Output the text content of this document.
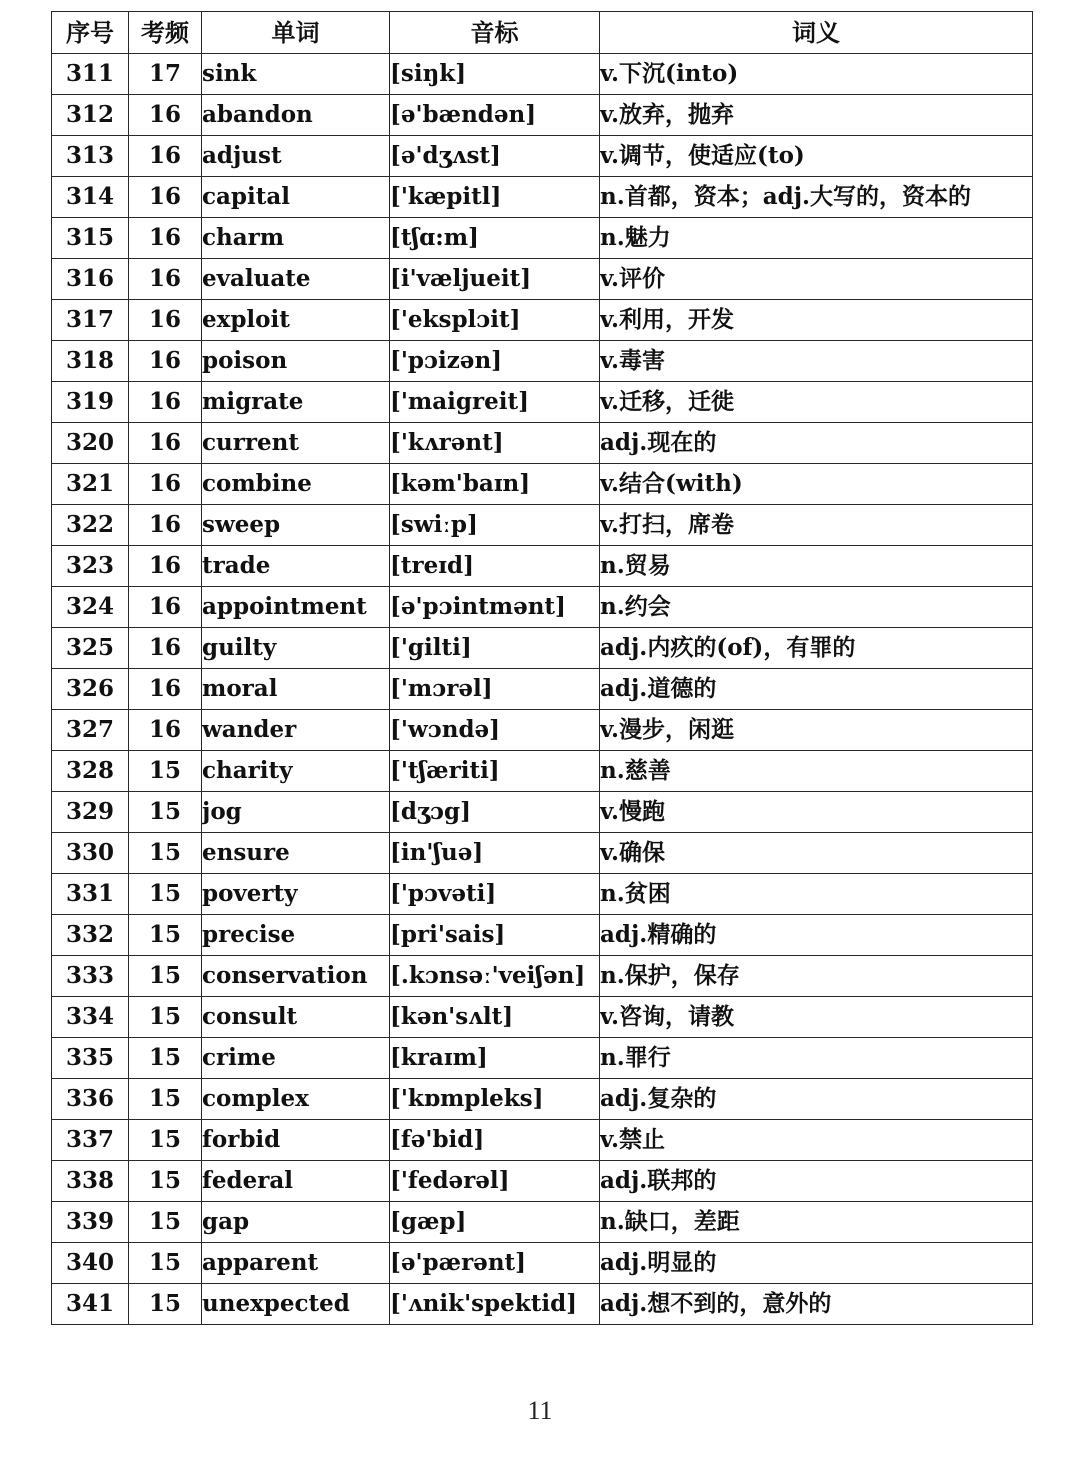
序号	考频	单词	音标	词义
311	17	sink	[siŋk]	v.下沉(into)
312	16	abandon	[ə'bændən]	v.放弃，抛弃
313	16	adjust	[ə'dʒʌst]	v.调节，使适应(to)
314	16	capital	['kæpitl]	n.首都，资本；adj.大写的，资本的
315	16	charm	[tʃɑ:m]	n.魅力
316	16	evaluate	[i'væljueit]	v.评价
317	16	exploit	['eksplɔit]	v.利用，开发
318	16	poison	['pɔizən]	v.毒害
319	16	migrate	['maigreit]	v.迁移，迁徙
320	16	current	['kʌrənt]	adj.现在的
321	16	combine	[kəm'baɪn]	v.结合(with)
322	16	sweep	[swiːp]	v.打扫，席卷
323	16	trade	[treɪd]	n.贸易
324	16	appointment	[ə'pɔintmənt]	n.约会
325	16	guilty	['gilti]	adj.内疚的(of)，有罪的
326	16	moral	['mɔrəl]	adj.道德的
327	16	wander	['wɔndə]	v.漫步，闲逛
328	15	charity	['tʃæriti]	n.慈善
329	15	jog	[dʒɔg]	v.慢跑
330	15	ensure	[in'ʃuə]	v.确保
331	15	poverty	['pɔvəti]	n.贫困
332	15	precise	[pri'sais]	adj.精确的
333	15	conservation	[.kɔnsəː'veiʃən]	n.保护，保存
334	15	consult	[kən'sʌlt]	v.咨询，请教
335	15	crime	[kraɪm]	n.罪行
336	15	complex	['kɒmpleks]	adj.复杂的
337	15	forbid	[fə'bid]	v.禁止
338	15	federal	['fedərəl]	adj.联邦的
339	15	gap	[gæp]	n.缺口，差距
340	15	apparent	[ə'pærənt]	adj.明显的
341	15	unexpected	['ʌnik'spektid]	adj.想不到的，意外的
11
